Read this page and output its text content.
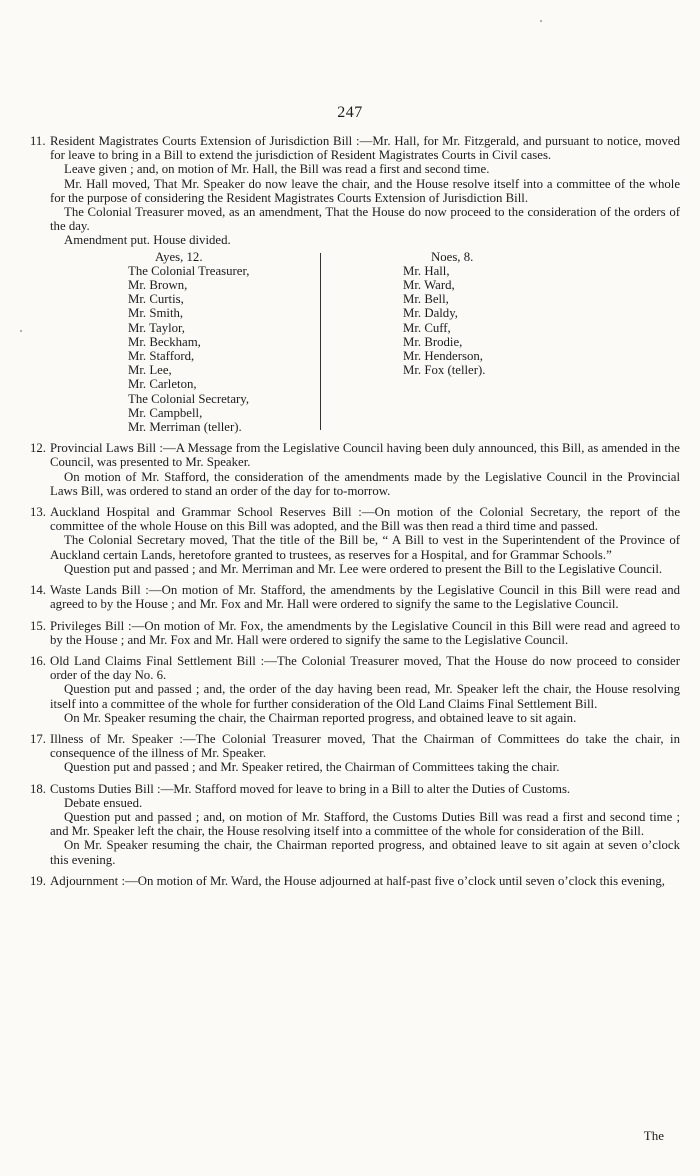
247
11. Resident Magistrates Courts Extension of Jurisdiction Bill :—Mr. Hall, for Mr. Fitzgerald, and pursuant to notice, moved for leave to bring in a Bill to extend the jurisdiction of Resident Magistrates Courts in Civil cases.

Leave given ; and, on motion of Mr. Hall, the Bill was read a first and second time.

Mr. Hall moved, That Mr. Speaker do now leave the chair, and the House resolve itself into a committee of the whole for the purpose of considering the Resident Magistrates Courts Extension of Jurisdiction Bill.

The Colonial Treasurer moved, as an amendment, That the House do now proceed to the consideration of the orders of the day.

Amendment put. House divided.

Ayes, 12.
The Colonial Treasurer,
Mr. Brown,
Mr. Curtis,
Mr. Smith,
Mr. Taylor,
Mr. Beckham,
Mr. Stafford,
Mr. Lee,
Mr. Carleton,
The Colonial Secretary,
Mr. Campbell,
Mr. Merriman (teller).
Noes, 8.
Mr. Hall,
Mr. Ward,
Mr. Bell,
Mr. Daldy,
Mr. Cuff,
Mr. Brodie,
Mr. Henderson,
Mr. Fox (teller).
12. Provincial Laws Bill :—A Message from the Legislative Council having been duly announced, this Bill, as amended in the Council, was presented to Mr. Speaker.

On motion of Mr. Stafford, the consideration of the amendments made by the Legislative Council in the Provincial Laws Bill, was ordered to stand an order of the day for to-morrow.

13. Auckland Hospital and Grammar School Reserves Bill :—On motion of the Colonial Secretary, the report of the committee of the whole House on this Bill was adopted, and the Bill was then read a third time and passed.

The Colonial Secretary moved, That the title of the Bill be, “ A Bill to vest in the Superintendent of the Province of Auckland certain Lands, heretofore granted to trustees, as reserves for a Hospital, and for Grammar Schools.”

Question put and passed ; and Mr. Merriman and Mr. Lee were ordered to present the Bill to the Legislative Council.

14. Waste Lands Bill :—On motion of Mr. Stafford, the amendments by the Legislative Council in this Bill were read and agreed to by the House ; and Mr. Fox and Mr. Hall were ordered to signify the same to the Legislative Council.

15. Privileges Bill :—On motion of Mr. Fox, the amendments by the Legislative Council in this Bill were read and agreed to by the House ; and Mr. Fox and Mr. Hall were ordered to signify the same to the Legislative Council.

16. Old Land Claims Final Settlement Bill :—The Colonial Treasurer moved, That the House do now proceed to consider order of the day No. 6.

Question put and passed ; and, the order of the day having been read, Mr. Speaker left the chair, the House resolving itself into a committee of the whole for further consideration of the Old Land Claims Final Settlement Bill.

On Mr. Speaker resuming the chair, the Chairman reported progress, and obtained leave to sit again.

17. Illness of Mr. Speaker :—The Colonial Treasurer moved, That the Chairman of Committees do take the chair, in consequence of the illness of Mr. Speaker.

Question put and passed ; and Mr. Speaker retired, the Chairman of Committees taking the chair.

18. Customs Duties Bill :—Mr. Stafford moved for leave to bring in a Bill to alter the Duties of Customs.

Debate ensued.

Question put and passed ; and, on motion of Mr. Stafford, the Customs Duties Bill was read a first and second time ; and Mr. Speaker left the chair, the House resolving itself into a committee of the whole for consideration of the Bill.

On Mr. Speaker resuming the chair, the Chairman reported progress, and obtained leave to sit again at seven o’clock this evening.

19. Adjournment :—On motion of Mr. Ward, the House adjourned at half-past five o’clock until seven o’clock this evening,

The
